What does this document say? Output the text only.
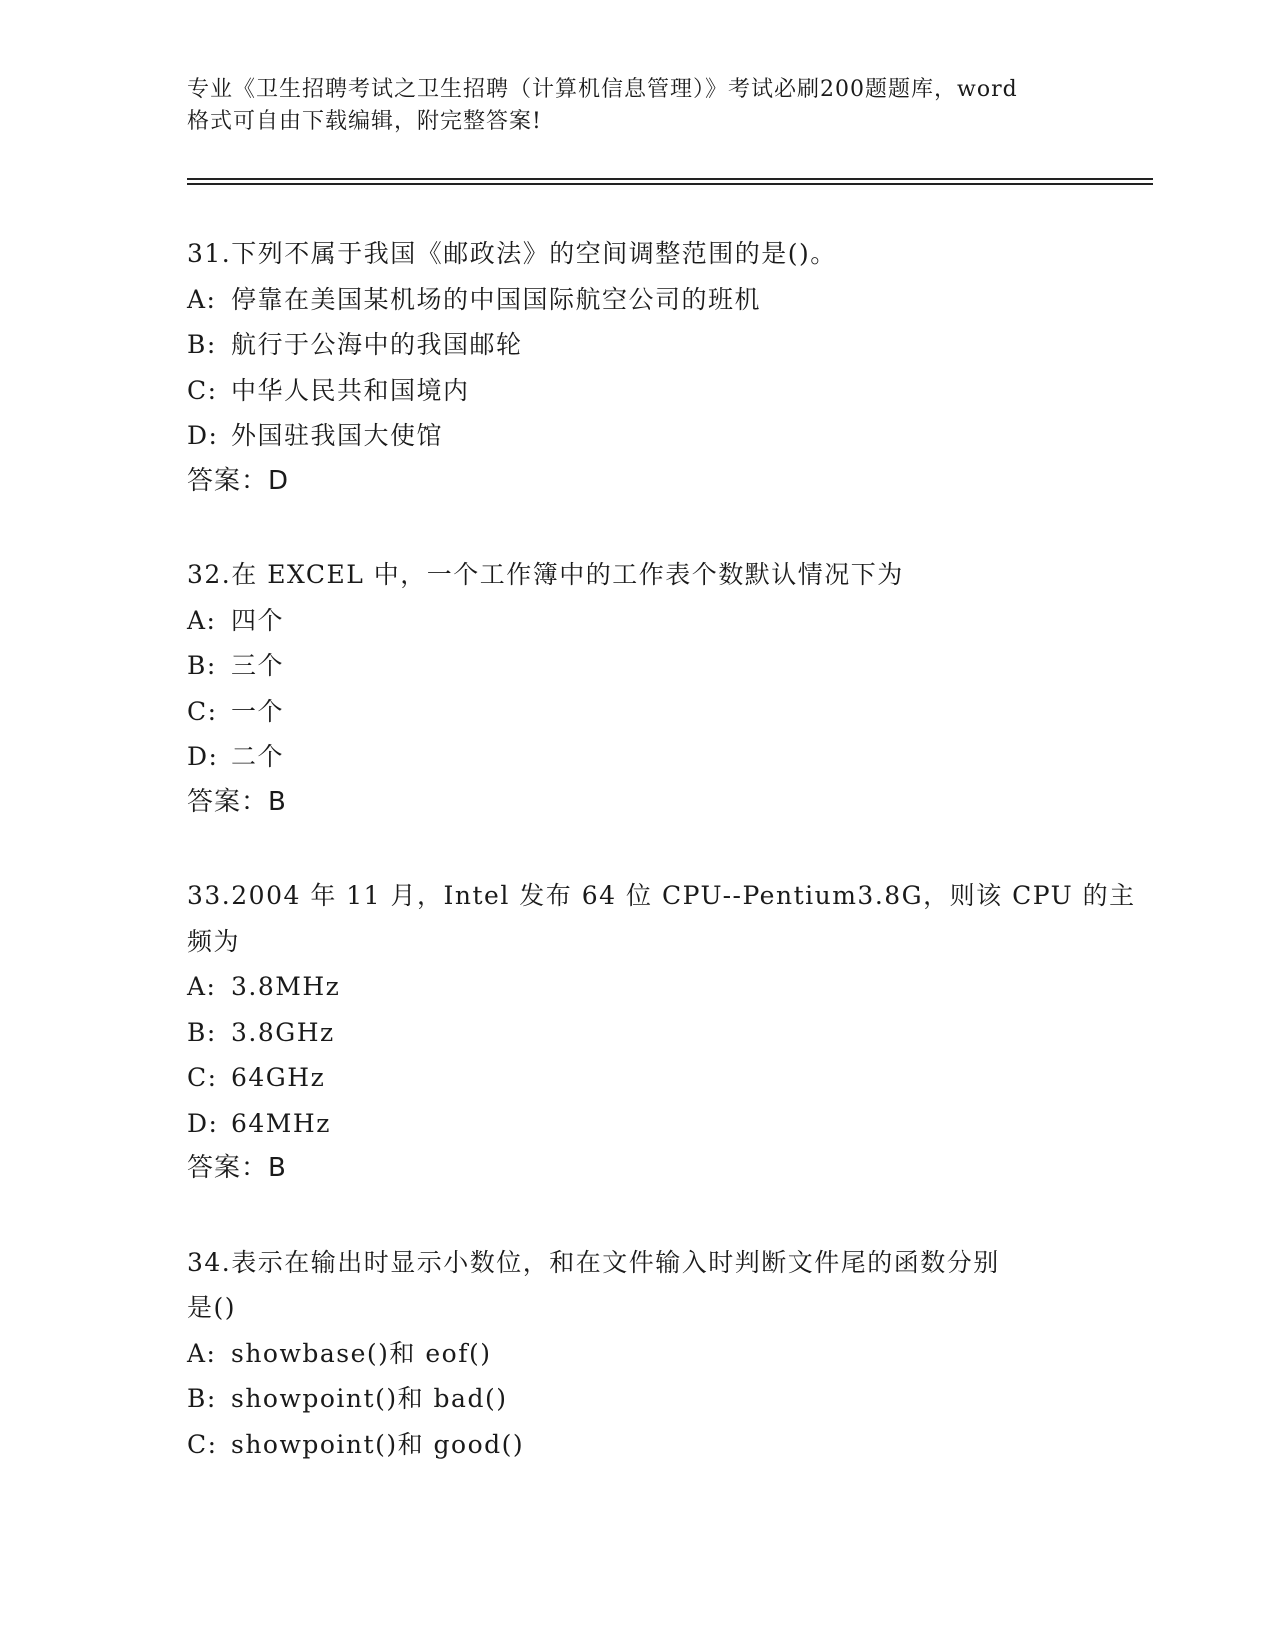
专业《卫生招聘考试之卫生招聘（计算机信息管理）》考试必刷200题题库，word
格式可自由下载编辑，附完整答案!
31.下列不属于我国《邮政法》的空间调整范围的是()。
A: 停靠在美国某机场的中国国际航空公司的班机
B: 航行于公海中的我国邮轮
C: 中华人民共和国境内
D: 外国驻我国大使馆
答案：D
32.在 EXCEL 中，一个工作簿中的工作表个数默认情况下为
A: 四个
B: 三个
C: 一个
D: 二个
答案：B
33.2004 年 11 月，Intel 发布 64 位 CPU--Pentium3.8G，则该 CPU 的主
频为
A: 3.8MHz
B: 3.8GHz
C: 64GHz
D: 64MHz
答案：B
34.表示在输出时显示小数位，和在文件输入时判断文件尾的函数分别
是()
A: showbase()和 eof()
B: showpoint()和 bad()
C: showpoint()和 good()
